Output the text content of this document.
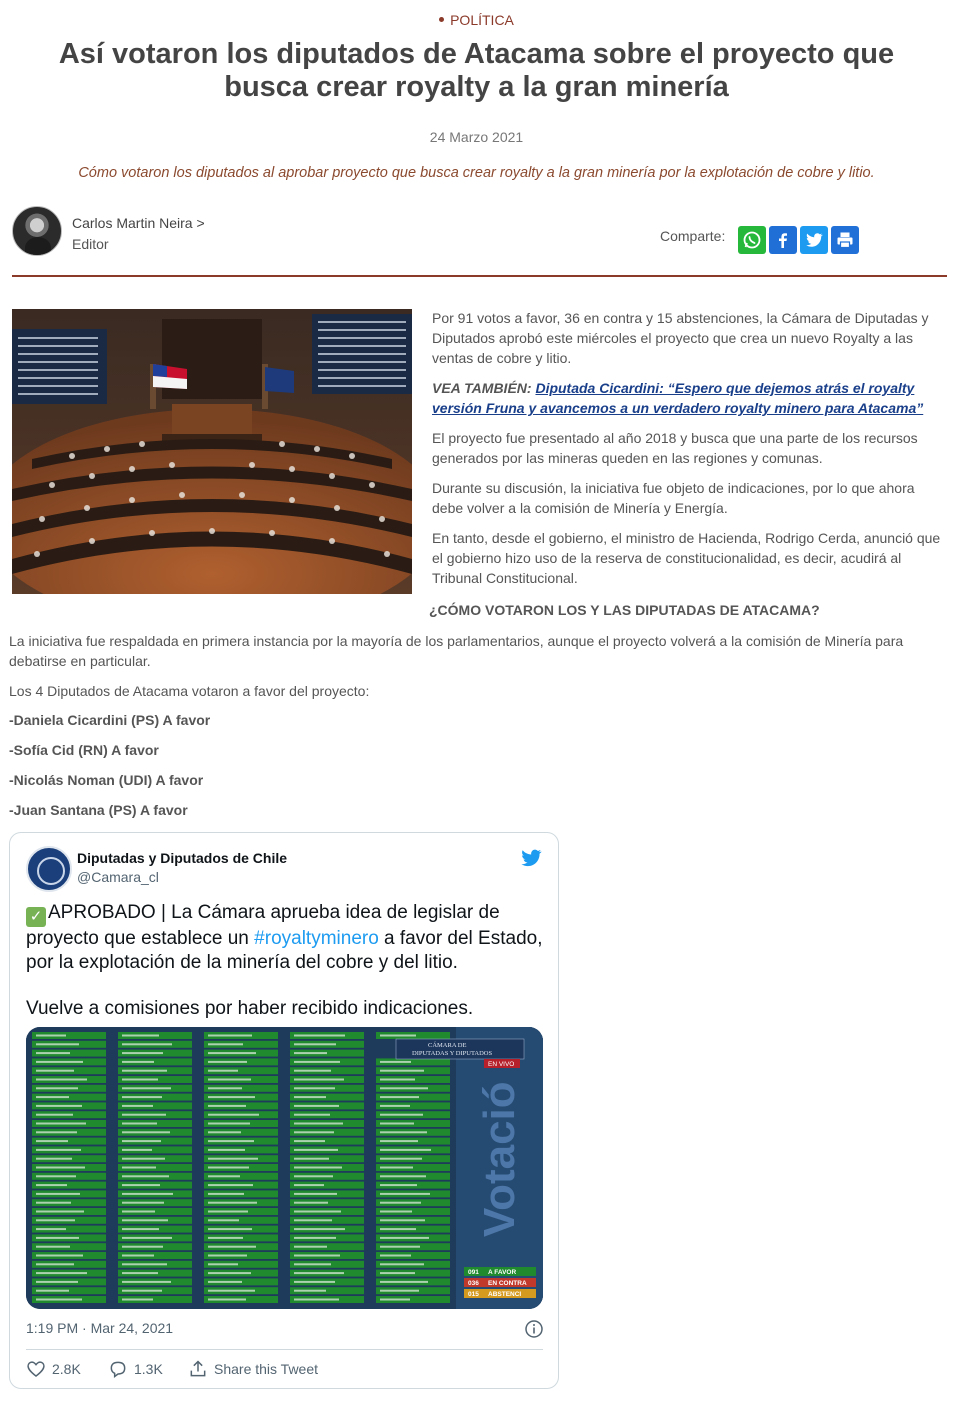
POLÍTICA
Así votaron los diputados de Atacama sobre el proyecto que busca crear royalty a la gran minería
24 Marzo 2021
Cómo votaron los diputados al aprobar proyecto que busca crear royalty a la gran minería por la explotación de cobre y litio.
Carlos Martin Neira >
Editor	Comparte:
Por 91 votos a favor, 36 en contra y 15 abstenciones, la Cámara de Diputadas y Diputados aprobó este miércoles el proyecto que crea un nuevo Royalty a las ventas de cobre y litio.
VEA TAMBIÉN: Diputada Cicardini: “Espero que dejemos atrás el royalty versión Fruna y avancemos a un verdadero royalty minero para Atacama”
El proyecto fue presentado al año 2018 y busca que una parte de los recursos generados por las mineras queden en las regiones y comunas.
Durante su discusión, la iniciativa fue objeto de indicaciones, por lo que ahora debe volver a la comisión de Minería y Energía.
En tanto, desde el gobierno, el ministro de Hacienda, Rodrigo Cerda, anunció que el gobierno hizo uso de la reserva de constitucionalidad, es decir, acudirá al Tribunal Constitucional.
¿CÓMO VOTARON LOS Y LAS DIPUTADAS DE ATACAMA?
La iniciativa fue respaldada en primera instancia por la mayoría de los parlamentarios, aunque el proyecto volverá a la comisión de Minería para debatirse en particular.
Los 4 Diputados de Atacama votaron a favor del proyecto:
-Daniela Cicardini (PS) A favor
-Sofía Cid (RN) A favor
-Nicolás Noman (UDI) A favor
-Juan Santana (PS) A favor
Diputadas y Diputados de Chile
@Camara_cl
✓ APROBADO | La Cámara aprueba idea de legislar de proyecto que establece un #royaltyminero a favor del Estado, por la explotación de la minería del cobre y del litio.
Vuelve a comisiones por haber recibido indicaciones.
CÁMARA DE
DIPUTADAS Y DIPUTADOS
EN VIVO
Votació
091 A FAVOR
036 EN CONTRA
015 ABSTENCI
1:19 PM · Mar 24, 2021
2.8K	1.3K	Share this Tweet
